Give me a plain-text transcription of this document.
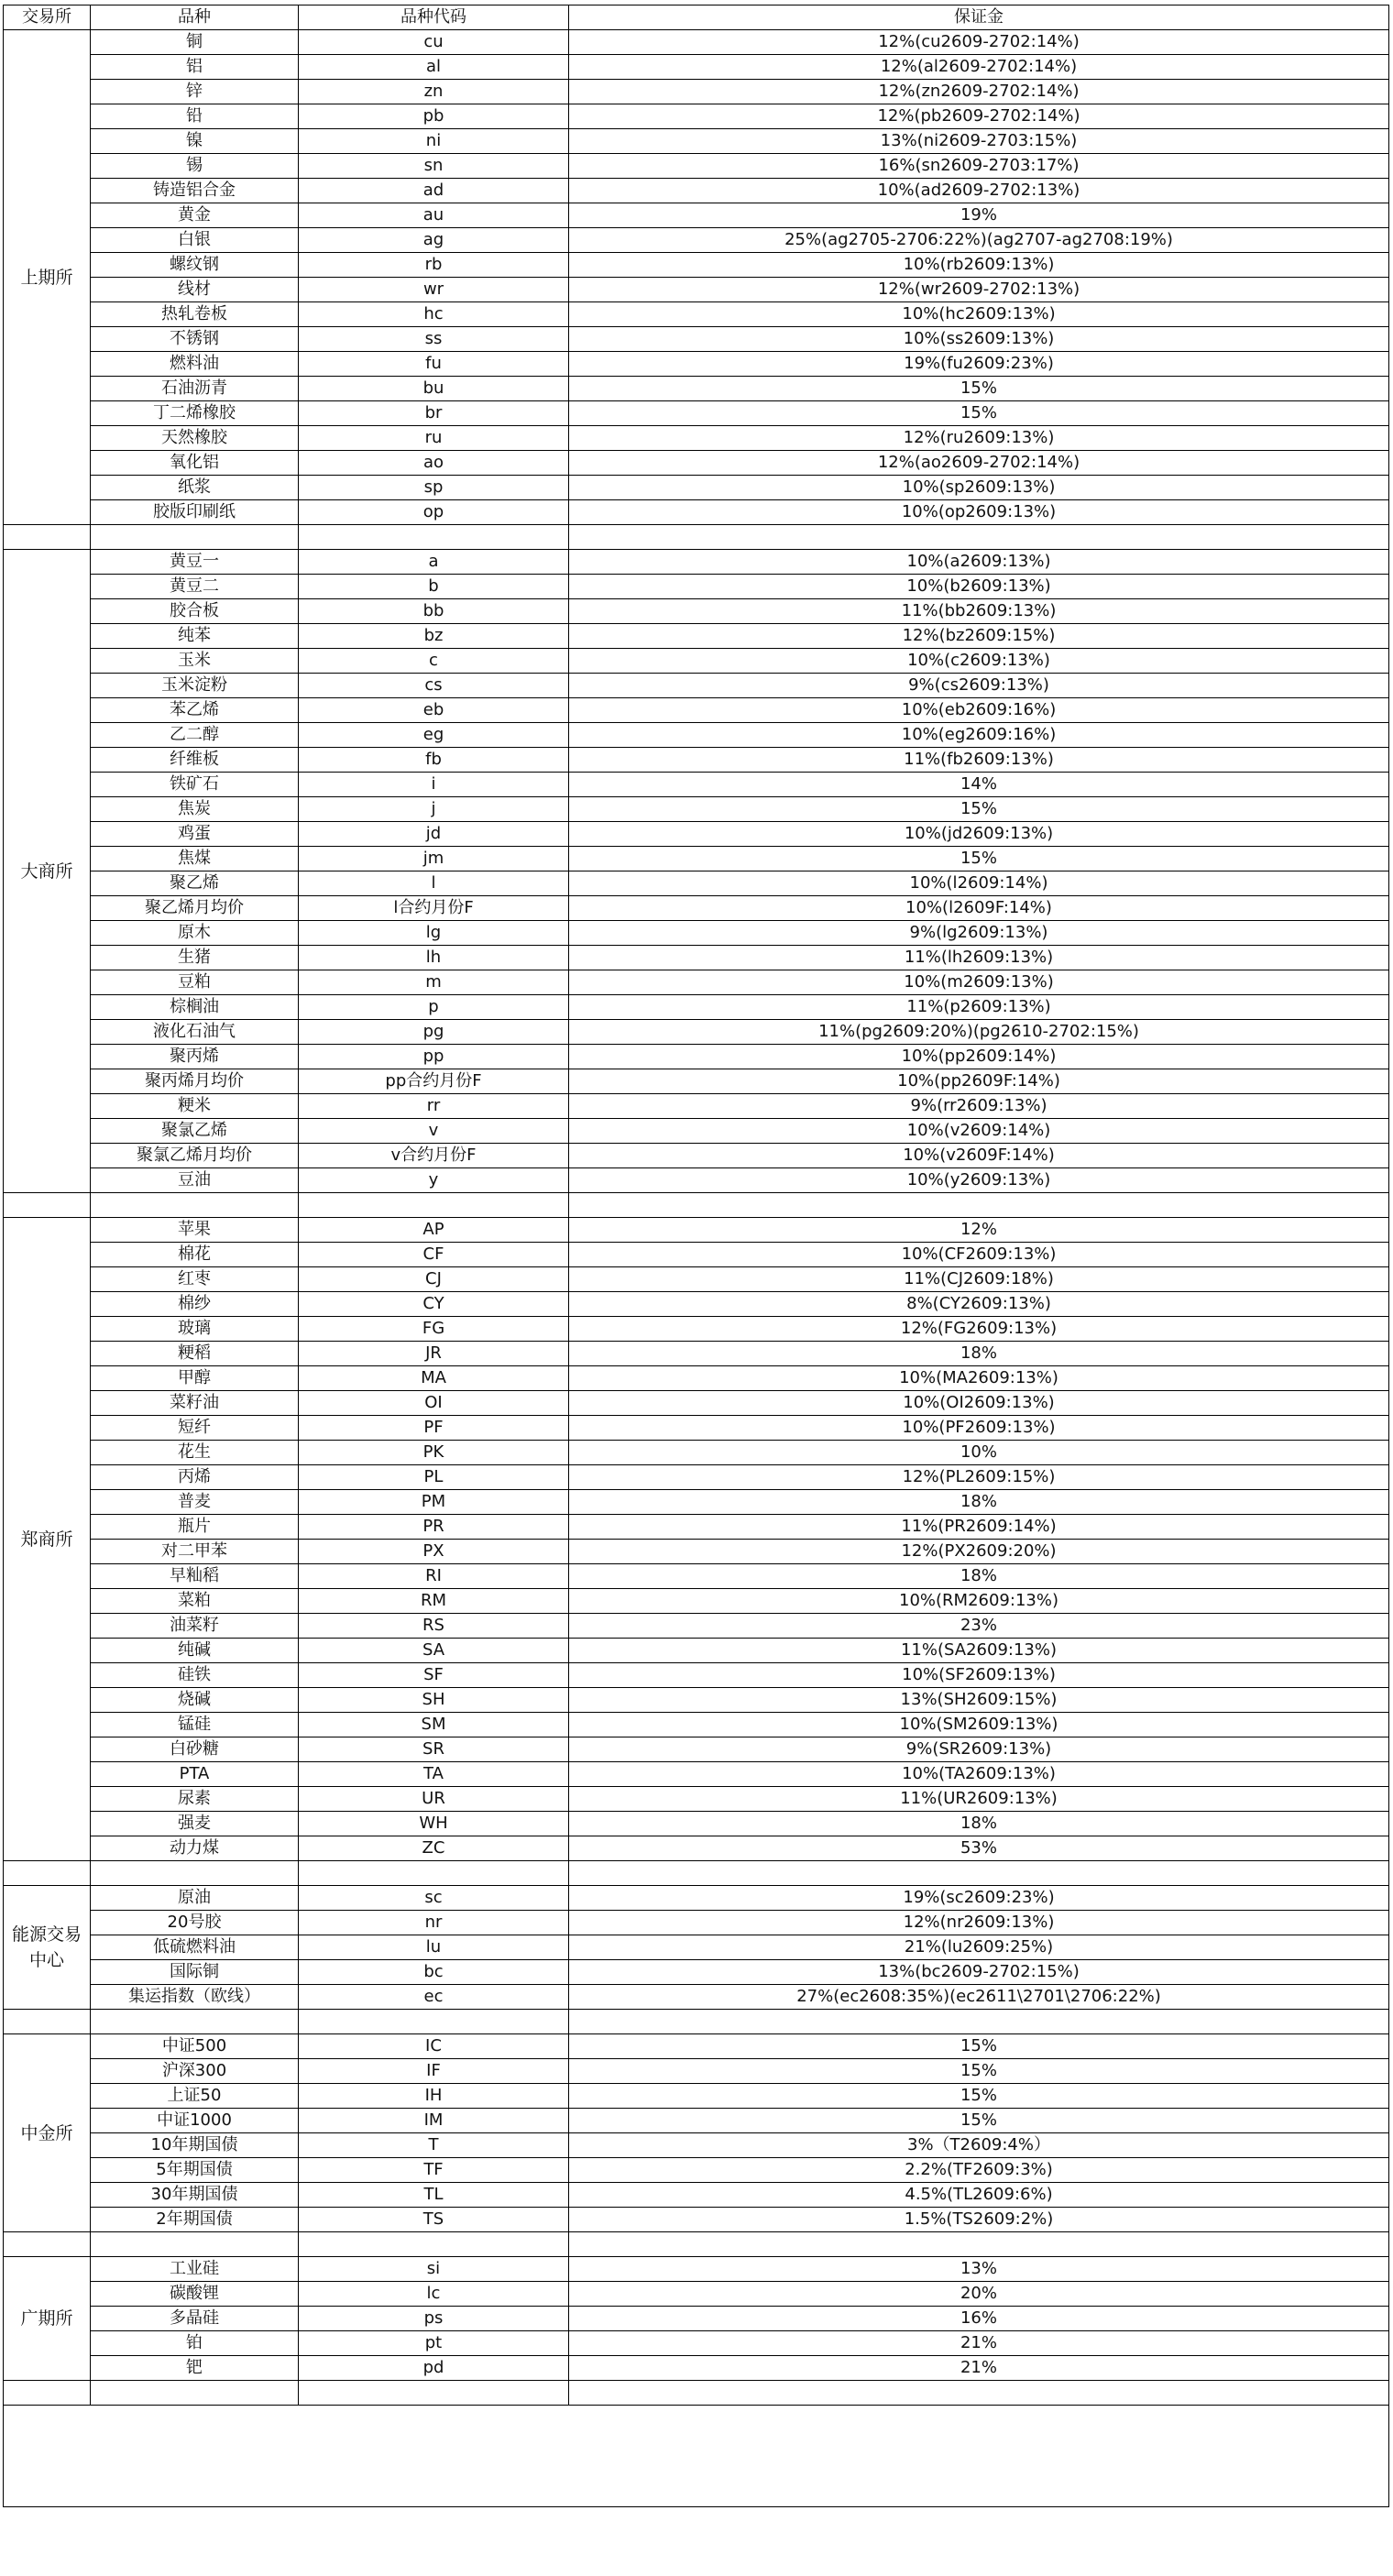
交易所	品种	品种代码	保证金
上期所	铜	cu	12%(cu2609-2702:14%)
	铝	al	12%(al2609-2702:14%)
	锌	zn	12%(zn2609-2702:14%)
	铅	pb	12%(pb2609-2702:14%)
	镍	ni	13%(ni2609-2703:15%)
	锡	sn	16%(sn2609-2703:17%)
	铸造铝合金	ad	10%(ad2609-2702:13%)
	黄金	au	19%
	白银	ag	25%(ag2705-2706:22%)(ag2707-ag2708:19%)
	螺纹钢	rb	10%(rb2609:13%)
	线材	wr	12%(wr2609-2702:13%)
	热轧卷板	hc	10%(hc2609:13%)
	不锈钢	ss	10%(ss2609:13%)
	燃料油	fu	19%(fu2609:23%)
	石油沥青	bu	15%
	丁二烯橡胶	br	15%
	天然橡胶	ru	12%(ru2609:13%)
	氧化铝	ao	12%(ao2609-2702:14%)
	纸浆	sp	10%(sp2609:13%)
	胶版印刷纸	op	10%(op2609:13%)

大商所	黄豆一	a	10%(a2609:13%)
	黄豆二	b	10%(b2609:13%)
	胶合板	bb	11%(bb2609:13%)
	纯苯	bz	12%(bz2609:15%)
	玉米	c	10%(c2609:13%)
	玉米淀粉	cs	9%(cs2609:13%)
	苯乙烯	eb	10%(eb2609:16%)
	乙二醇	eg	10%(eg2609:16%)
	纤维板	fb	11%(fb2609:13%)
	铁矿石	i	14%
	焦炭	j	15%
	鸡蛋	jd	10%(jd2609:13%)
	焦煤	jm	15%
	聚乙烯	l	10%(l2609:14%)
	聚乙烯月均价	l合约月份F	10%(l2609F:14%)
	原木	lg	9%(lg2609:13%)
	生猪	lh	11%(lh2609:13%)
	豆粕	m	10%(m2609:13%)
	棕榈油	p	11%(p2609:13%)
	液化石油气	pg	11%(pg2609:20%)(pg2610-2702:15%)
	聚丙烯	pp	10%(pp2609:14%)
	聚丙烯月均价	pp合约月份F	10%(pp2609F:14%)
	粳米	rr	9%(rr2609:13%)
	聚氯乙烯	v	10%(v2609:14%)
	聚氯乙烯月均价	v合约月份F	10%(v2609F:14%)
	豆油	y	10%(y2609:13%)

郑商所	苹果	AP	12%
	棉花	CF	10%(CF2609:13%)
	红枣	CJ	11%(CJ2609:18%)
	棉纱	CY	8%(CY2609:13%)
	玻璃	FG	12%(FG2609:13%)
	粳稻	JR	18%
	甲醇	MA	10%(MA2609:13%)
	菜籽油	OI	10%(OI2609:13%)
	短纤	PF	10%(PF2609:13%)
	花生	PK	10%
	丙烯	PL	12%(PL2609:15%)
	普麦	PM	18%
	瓶片	PR	11%(PR2609:14%)
	对二甲苯	PX	12%(PX2609:20%)
	早籼稻	RI	18%
	菜粕	RM	10%(RM2609:13%)
	油菜籽	RS	23%
	纯碱	SA	11%(SA2609:13%)
	硅铁	SF	10%(SF2609:13%)
	烧碱	SH	13%(SH2609:15%)
	锰硅	SM	10%(SM2609:13%)
	白砂糖	SR	9%(SR2609:13%)
	PTA	TA	10%(TA2609:13%)
	尿素	UR	11%(UR2609:13%)
	强麦	WH	18%
	动力煤	ZC	53%

能源交易中心	原油	sc	19%(sc2609:23%)
	20号胶	nr	12%(nr2609:13%)
	低硫燃料油	lu	21%(lu2609:25%)
	国际铜	bc	13%(bc2609-2702:15%)
	集运指数（欧线）	ec	27%(ec2608:35%)(ec2611\2701\2706:22%)

中金所	中证500	IC	15%
	沪深300	IF	15%
	上证50	IH	15%
	中证1000	IM	15%
	10年期国债	T	3%（T2609:4%）
	5年期国债	TF	2.2%(TF2609:3%)
	30年期国债	TL	4.5%(TL2609:6%)
	2年期国债	TS	1.5%(TS2609:2%)

广期所	工业硅	si	13%
	碳酸锂	lc	20%
	多晶硅	ps	16%
	铂	pt	21%
	钯	pd	21%
